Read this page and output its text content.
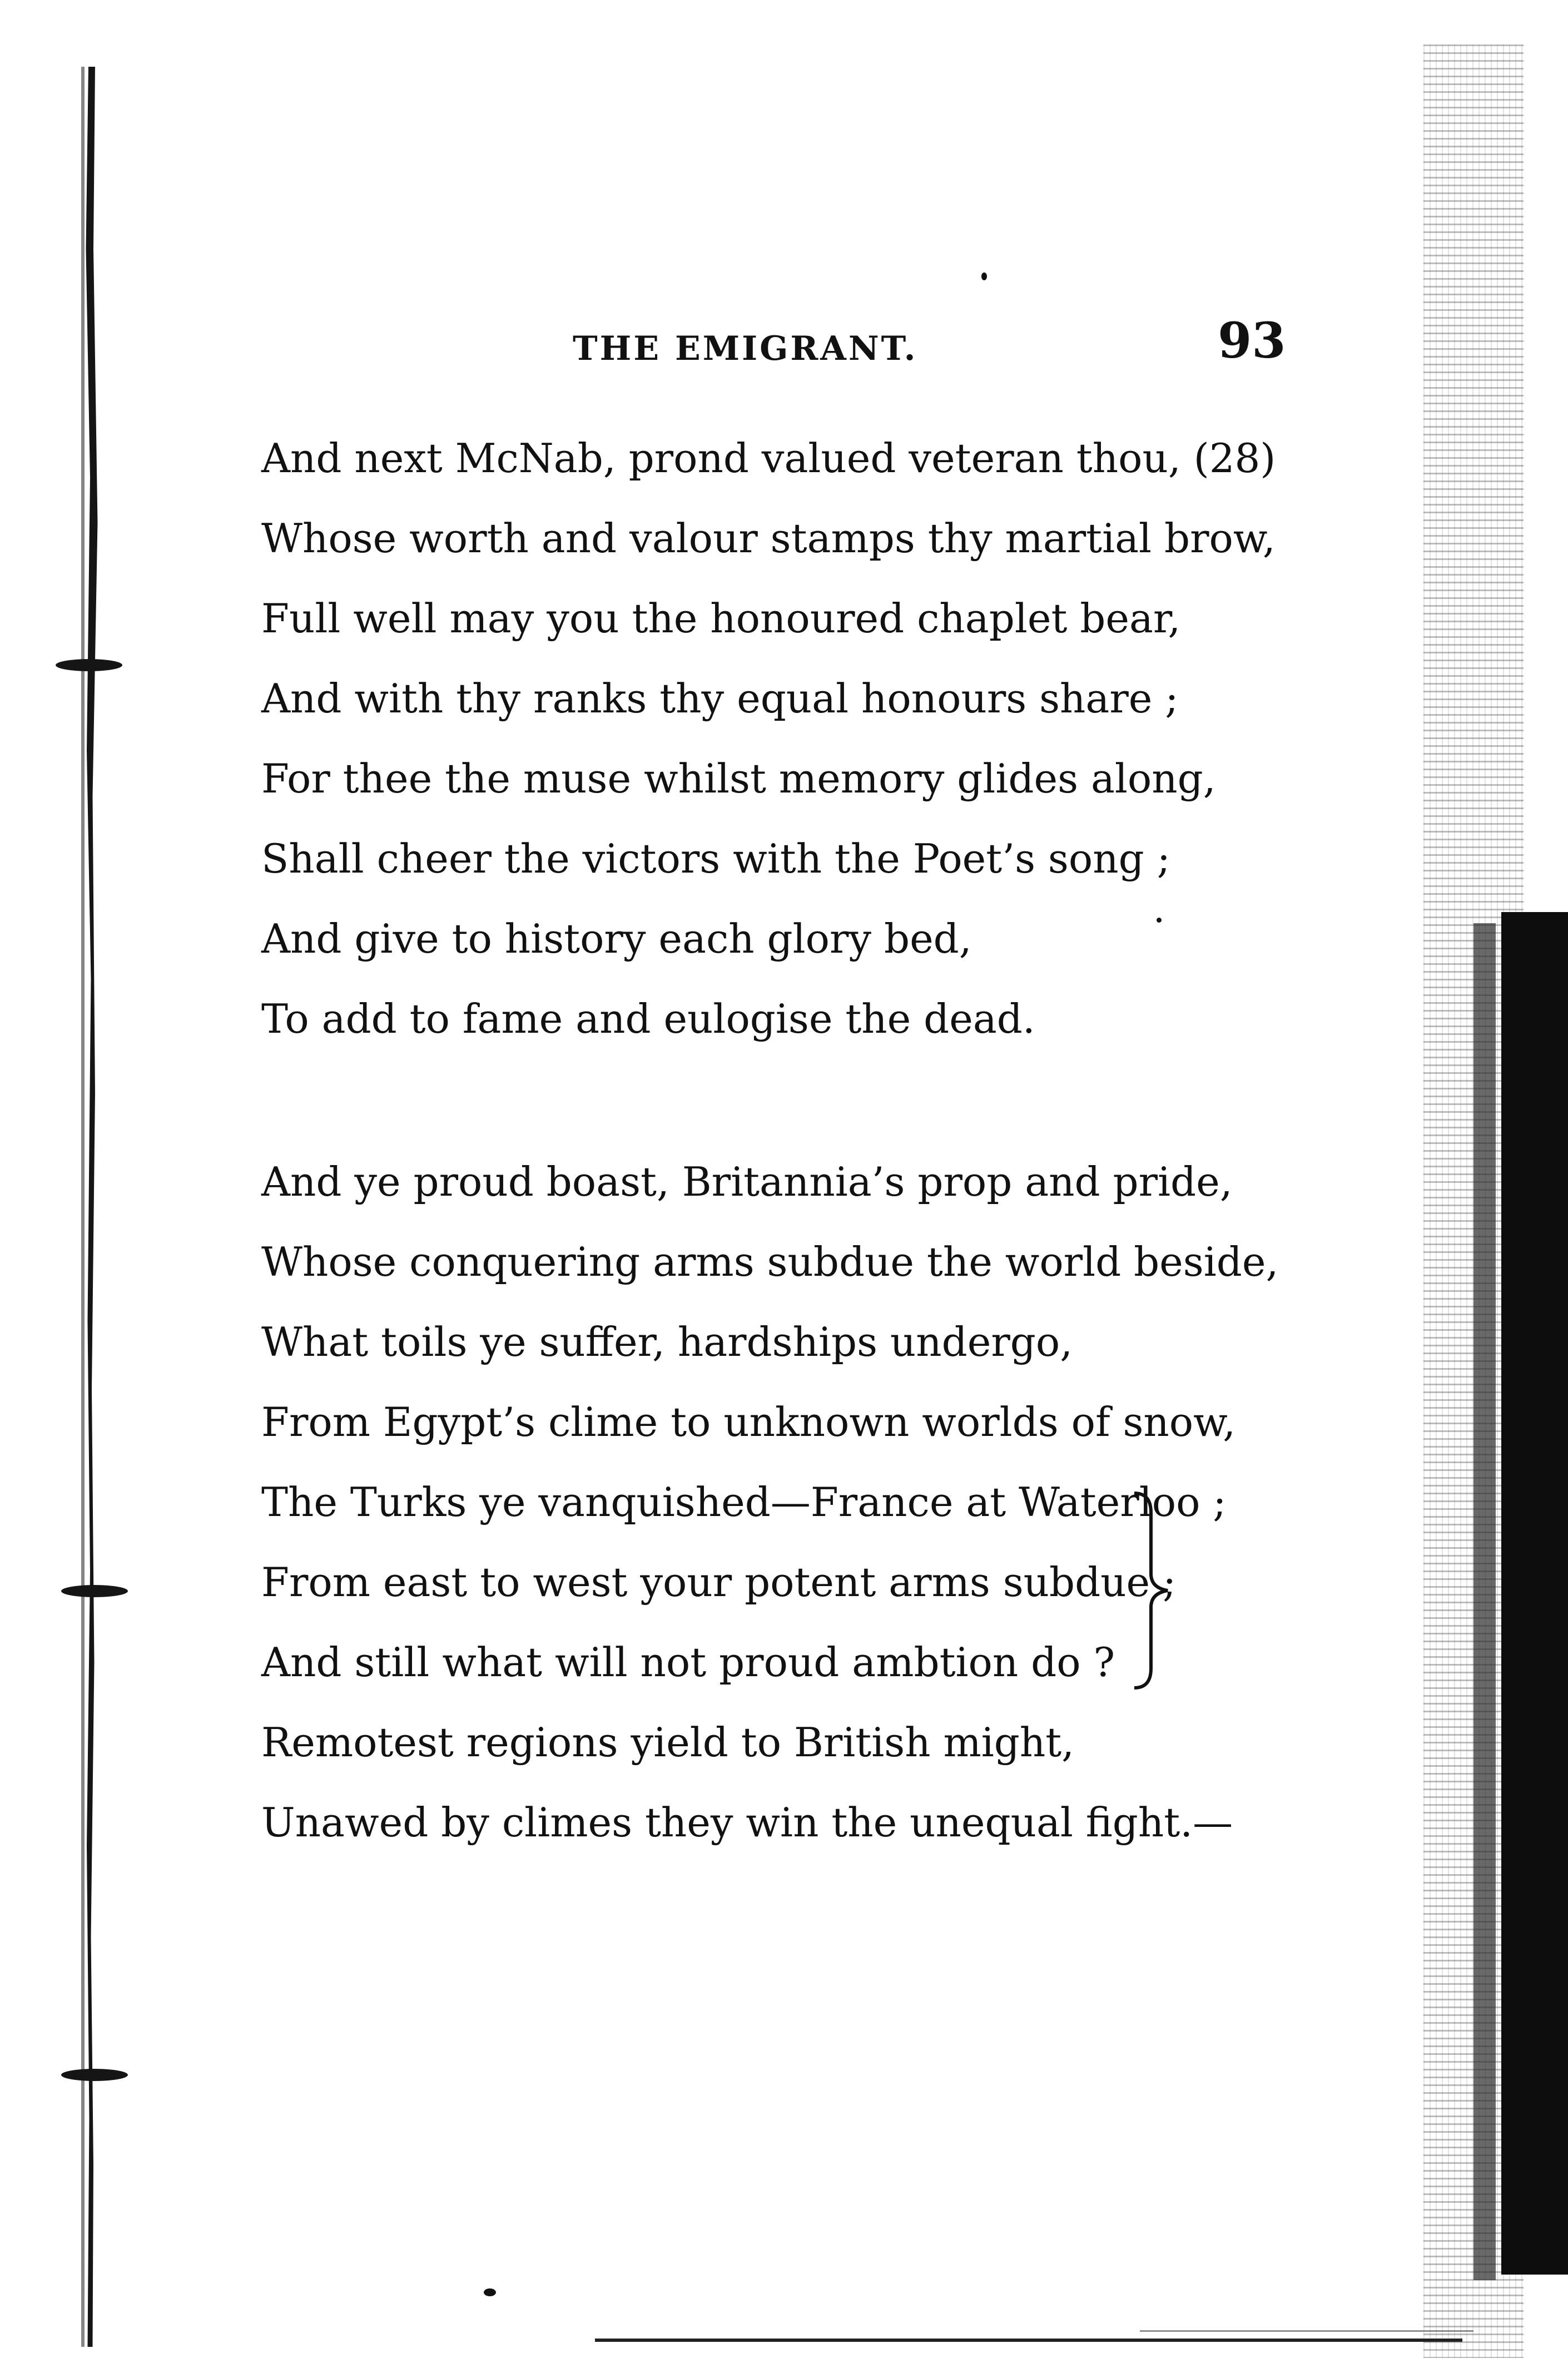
THE EMIGRANT.	93
And next McNab, prond valued veteran thou, (28)
Whose worth and valour stamps thy martial brow,
Full well may you the honoured chaplet bear,
And with thy ranks thy equal honours share ;
For thee the muse whilst memory glides along,
Shall cheer the victors with the Poet’s song ;
And give to history each glory bed,
To add to fame and eulogise the dead.
And ye proud boast, Britannia’s prop and pride,
Whose conquering arms subdue the world beside,
What toils ye suffer, hardships undergo,
From Egypt’s clime to unknown worlds of snow,
The Turks ye vanquished—France at Waterloo ;
From east to west your potent arms subdue ;
And still what will not proud ambtion do ?
Remotest regions yield to British might,
Unawed by climes they win the unequal fight.—
